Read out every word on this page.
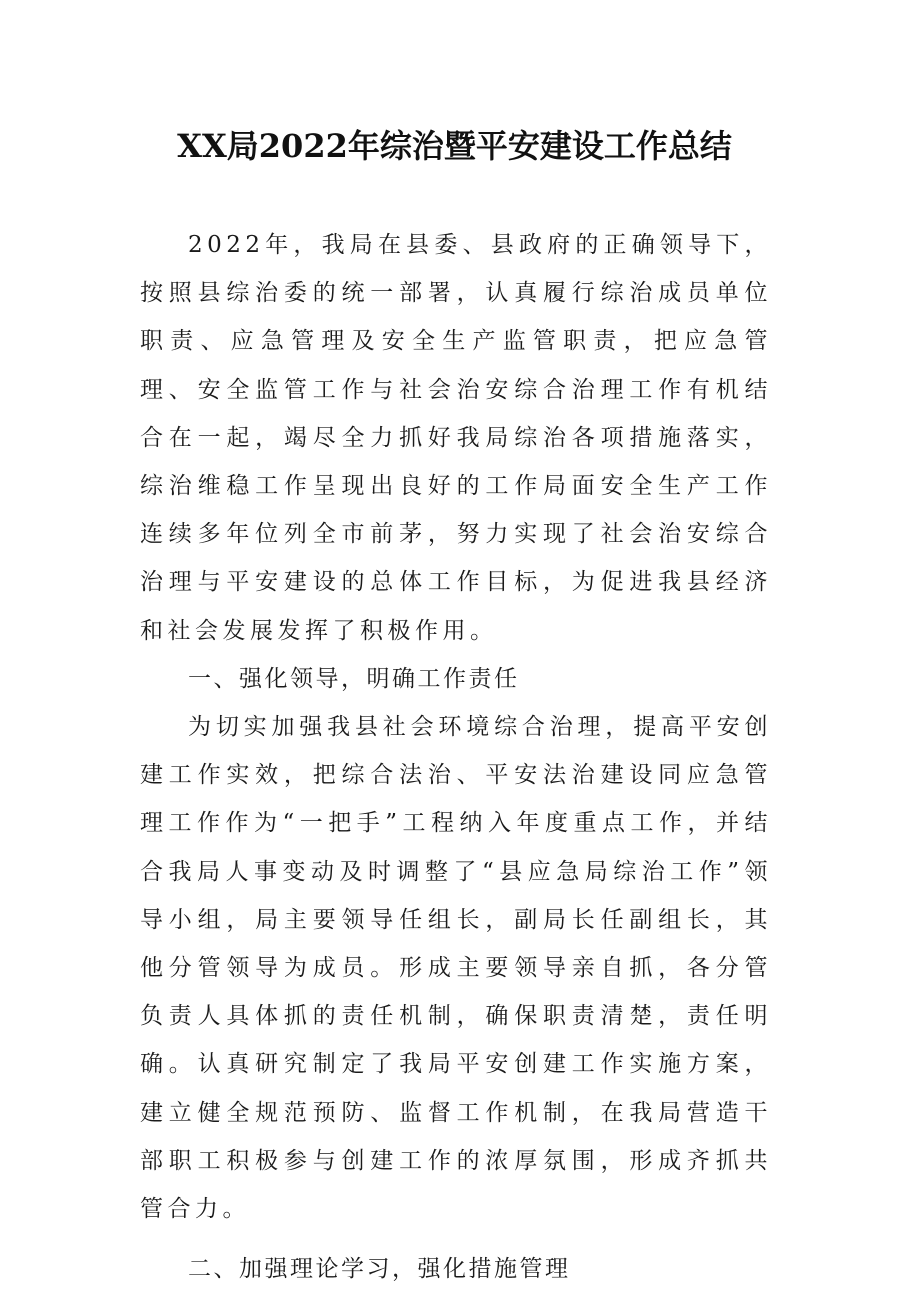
XX局2022年综治暨平安建设工作总结

2022年，我局在县委、县政府的正确领导下，按照县综治委的统一部署，认真履行综治成员单位职责、应急管理及安全生产监管职责，把应急管理、安全监管工作与社会治安综合治理工作有机结合在一起，竭尽全力抓好我局综治各项措施落实，综治维稳工作呈现出良好的工作局面安全生产工作连续多年位列全市前茅，努力实现了社会治安综合治理与平安建设的总体工作目标，为促进我县经济和社会发展发挥了积极作用。

一、强化领导，明确工作责任

为切实加强我县社会环境综合治理，提高平安创建工作实效，把综合法治、平安法治建设同应急管理工作作为“一把手”工程纳入年度重点工作，并结合我局人事变动及时调整了“县应急局综治工作”领导小组，局主要领导任组长，副局长任副组长，其他分管领导为成员。形成主要领导亲自抓，各分管负责人具体抓的责任机制，确保职责清楚，责任明确。认真研究制定了我局平安创建工作实施方案，建立健全规范预防、监督工作机制，在我局营造干部职工积极参与创建工作的浓厚氛围，形成齐抓共管合力。

二、加强理论学习，强化措施管理
